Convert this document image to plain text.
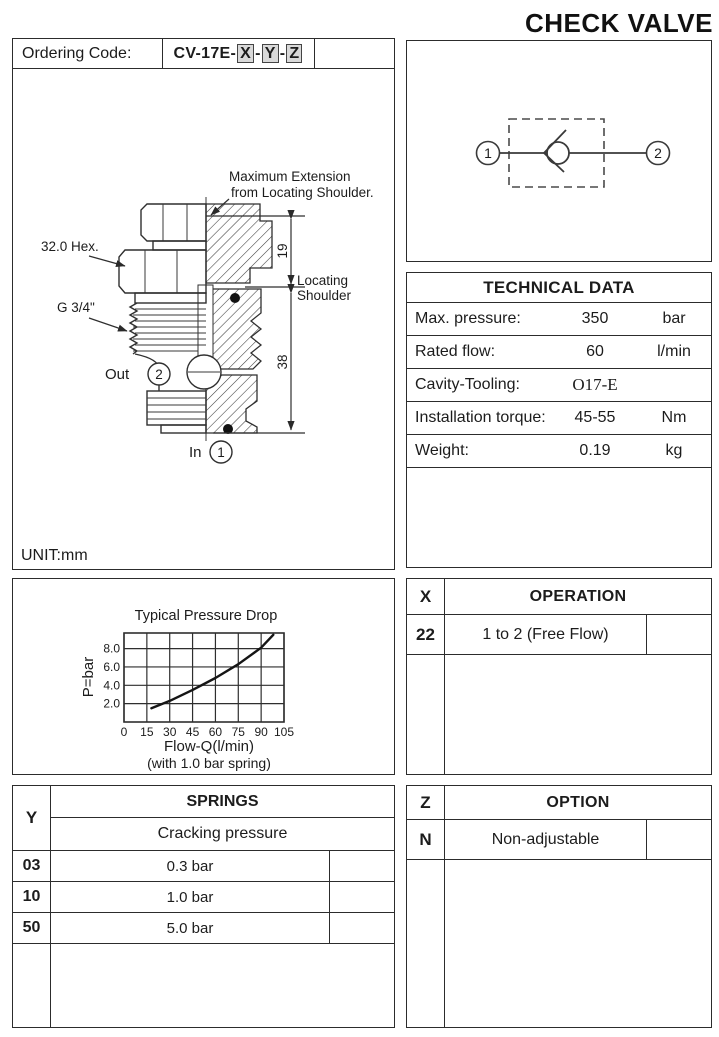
CHECK VALVE
Ordering Code:	CV-17E- X - Y - Z
19
38
Locating
Shoulder
Maximum Extension
from Locating Shoulder.
32.0 Hex.
G 3/4"
Out 2
In 1
UNIT:mm
1	2
TECHNICAL DATA
Max. pressure:	350	bar
Rated flow:	60	l/min
Cavity-Tooling:	O17-E
Installation torque:	45-55	Nm
Weight:	0.19	kg
Typical Pressure Drop
P=bar
0 15 30 45 60 75 90 105
2.0
4.0
6.0
8.0
Flow-Q(l/min)
(with 1.0 bar spring)
X	OPERATION
22	1 to 2 (Free Flow)
Y
SPRINGS
Cracking pressure
03	0.3 bar
10	1.0 bar
50	5.0 bar
Z	OPTION
N	Non-adjustable
